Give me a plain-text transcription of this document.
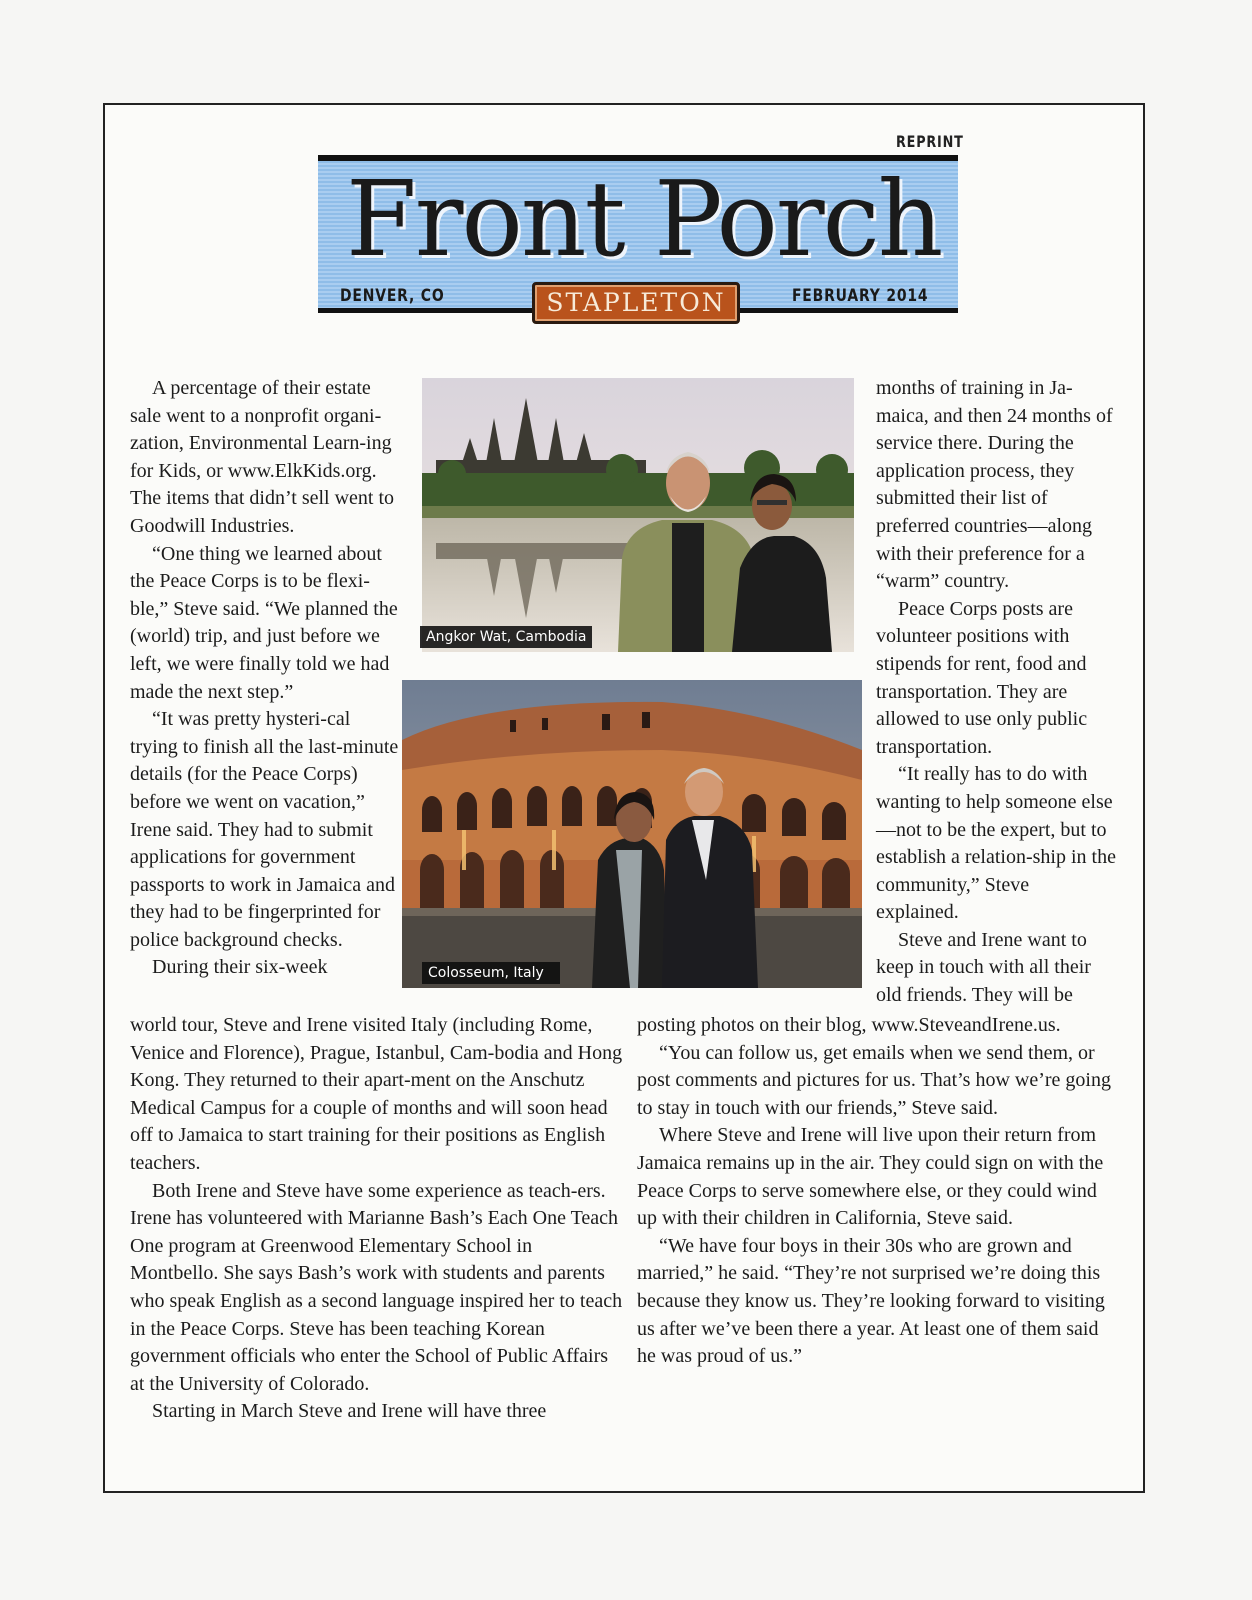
REPRINT
Front Porch
DENVER, CO	STAPLETON	FEBRUARY 2014
Angkor Wat, Cambodia
Colosseum, Italy

A percentage of their estate sale went to a nonprofit organi-zation, Environmental Learn-ing for Kids, or www.ElkKids.org. The items that didn’t sell went to Goodwill Industries.

“One thing we learned about the Peace Corps is to be flexi-ble,” Steve said. “We planned the (world) trip, and just before we left, we were finally told we had made the next step.”

“It was pretty hysteri-cal trying to finish all the last-minute details (for the Peace Corps) before we went on vacation,” Irene said. They had to submit applications for government passports to work in Jamaica and they had to be fingerprinted for police background checks.

During their six-week

months of training in Ja-maica, and then 24 months of service there. During the application process, they submitted their list of preferred countries—along with their preference for a “warm” country.

Peace Corps posts are volunteer positions with stipends for rent, food and transportation. They are allowed to use only public transportation.

“It really has to do with wanting to help someone else—not to be the expert, but to establish a relation-ship in the community,” Steve explained.

Steve and Irene want to keep in touch with all their old friends. They will be

world tour, Steve and Irene visited Italy (including Rome, Venice and Florence), Prague, Istanbul, Cam-bodia and Hong Kong. They returned to their apart-ment on the Anschutz Medical Campus for a couple of months and will soon head off to Jamaica to start training for their positions as English teachers.

Both Irene and Steve have some experience as teach-ers. Irene has volunteered with Marianne Bash’s Each One Teach One program at Greenwood Elementary School in Montbello. She says Bash’s work with students and parents who speak English as a second language inspired her to teach in the Peace Corps. Steve has been teaching Korean government officials who enter the School of Public Affairs at the University of Colorado.

Starting in March Steve and Irene will have three

posting photos on their blog, www.SteveandIrene.us.

“You can follow us, get emails when we send them, or post comments and pictures for us. That’s how we’re going to stay in touch with our friends,” Steve said.

Where Steve and Irene will live upon their return from Jamaica remains up in the air. They could sign on with the Peace Corps to serve somewhere else, or they could wind up with their children in California, Steve said.

“We have four boys in their 30s who are grown and married,” he said. “They’re not surprised we’re doing this because they know us. They’re looking forward to visiting us after we’ve been there a year. At least one of them said he was proud of us.”
